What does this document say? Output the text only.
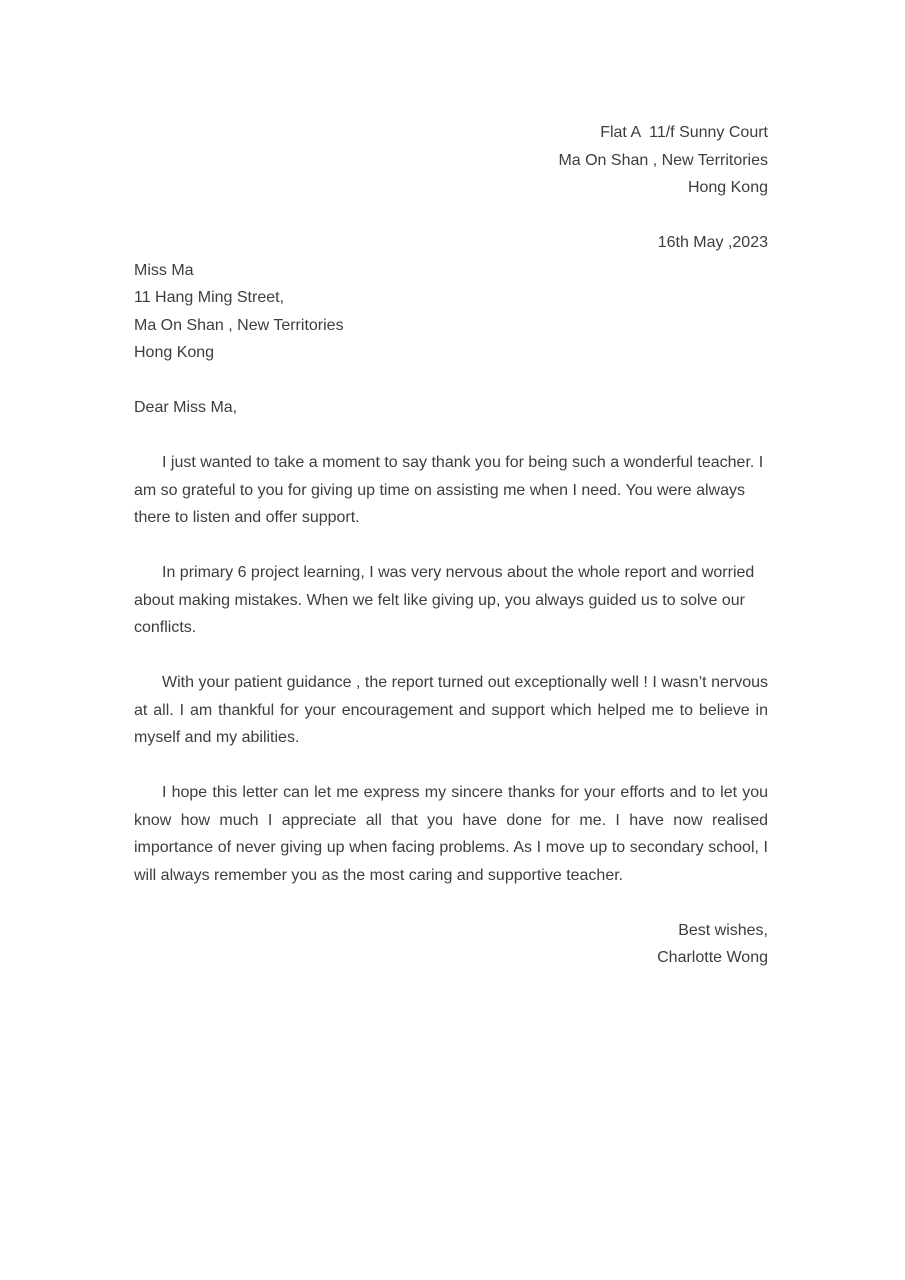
Flat A  11/f Sunny Court
Ma On Shan , New Territories
Hong Kong
16th May ,2023
Miss Ma
11 Hang Ming Street,
Ma On Shan , New Territories
Hong Kong
Dear Miss Ma,

I just wanted to take a moment to say thank you for being such a wonderful teacher. I am so grateful to you for giving up time on assisting me when I need. You were always there to listen and offer support.

In primary 6 project learning, I was very nervous about the whole report and worried about making mistakes. When we felt like giving up, you always guided us to solve our conflicts.

With your patient guidance , the report turned out exceptionally well ! I wasn’t nervous at all. I am thankful for your encouragement and support which helped me to believe in myself and my abilities.

I hope this letter can let me express my sincere thanks for your efforts and to let you know how much I appreciate all that you have done for me. I have now realised importance of never giving up when facing problems. As I move up to secondary school, I will always remember you as the most caring and supportive teacher.

Best wishes,
Charlotte Wong
